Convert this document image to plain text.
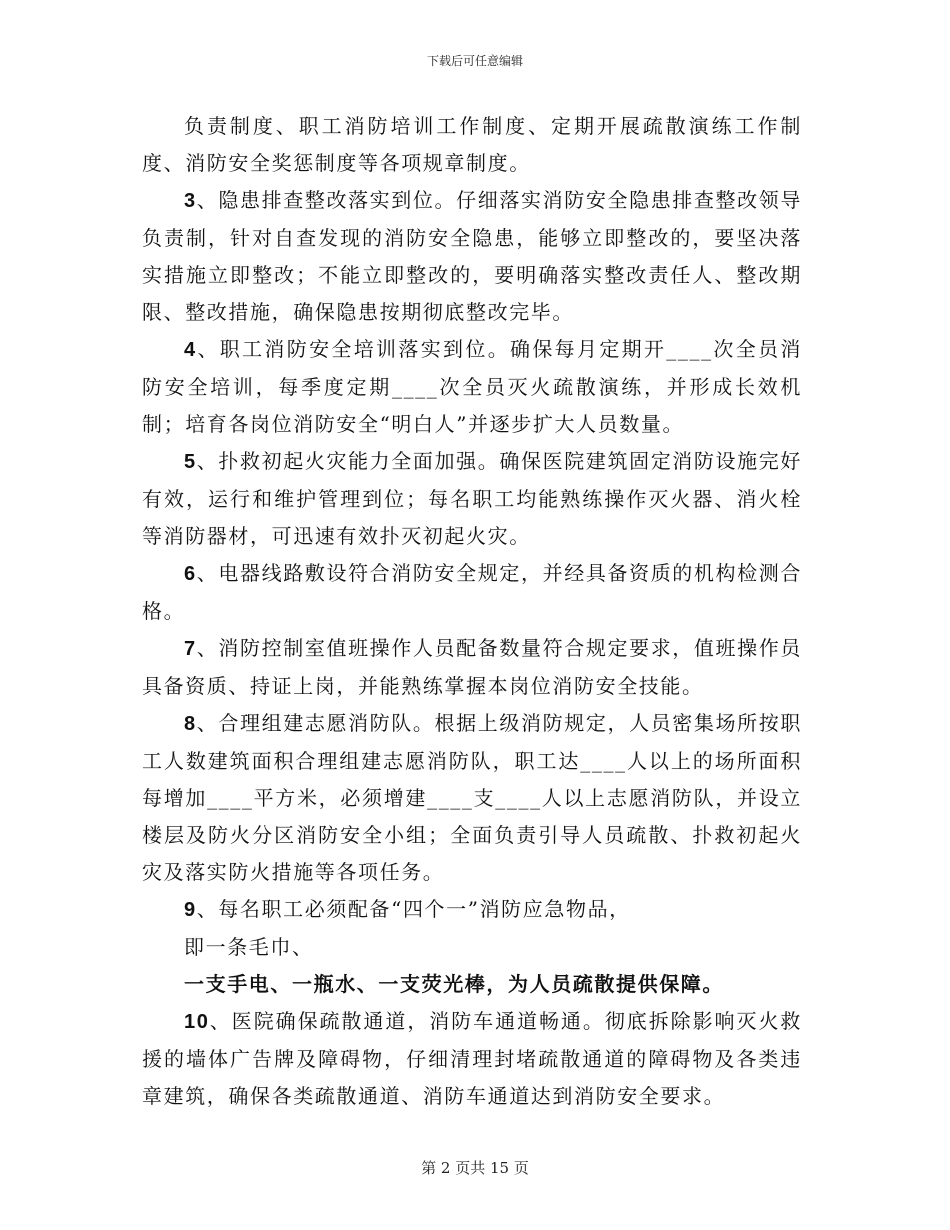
下载后可任意编辑

负责制度、职工消防培训工作制度、定期开展疏散演练工作制度、消防安全奖惩制度等各项规章制度。

3、隐患排查整改落实到位。仔细落实消防安全隐患排查整改领导负责制，针对自查发现的消防安全隐患，能够立即整改的，要坚决落实措施立即整改；不能立即整改的，要明确落实整改责任人、整改期限、整改措施，确保隐患按期彻底整改完毕。

4、职工消防安全培训落实到位。确保每月定期开____次全员消防安全培训，每季度定期____次全员灭火疏散演练，并形成长效机制；培育各岗位消防安全“明白人”并逐步扩大人员数量。

5、扑救初起火灾能力全面加强。确保医院建筑固定消防设施完好有效，运行和维护管理到位；每名职工均能熟练操作灭火器、消火栓等消防器材，可迅速有效扑灭初起火灾。

6、电器线路敷设符合消防安全规定，并经具备资质的机构检测合格。

7、消防控制室值班操作人员配备数量符合规定要求，值班操作员具备资质、持证上岗，并能熟练掌握本岗位消防安全技能。

8、合理组建志愿消防队。根据上级消防规定，人员密集场所按职工人数建筑面积合理组建志愿消防队，职工达____人以上的场所面积每增加____平方米，必须增建____支____人以上志愿消防队，并设立楼层及防火分区消防安全小组；全面负责引导人员疏散、扑救初起火灾及落实防火措施等各项任务。

9、每名职工必须配备“四个一”消防应急物品，

即一条毛巾、

一支手电、一瓶水、一支荧光棒，为人员疏散提供保障。

10、医院确保疏散通道，消防车通道畅通。彻底拆除影响灭火救援的墙体广告牌及障碍物，仔细清理封堵疏散通道的障碍物及各类违章建筑，确保各类疏散通道、消防车通道达到消防安全要求。

第 2 页共 15 页
